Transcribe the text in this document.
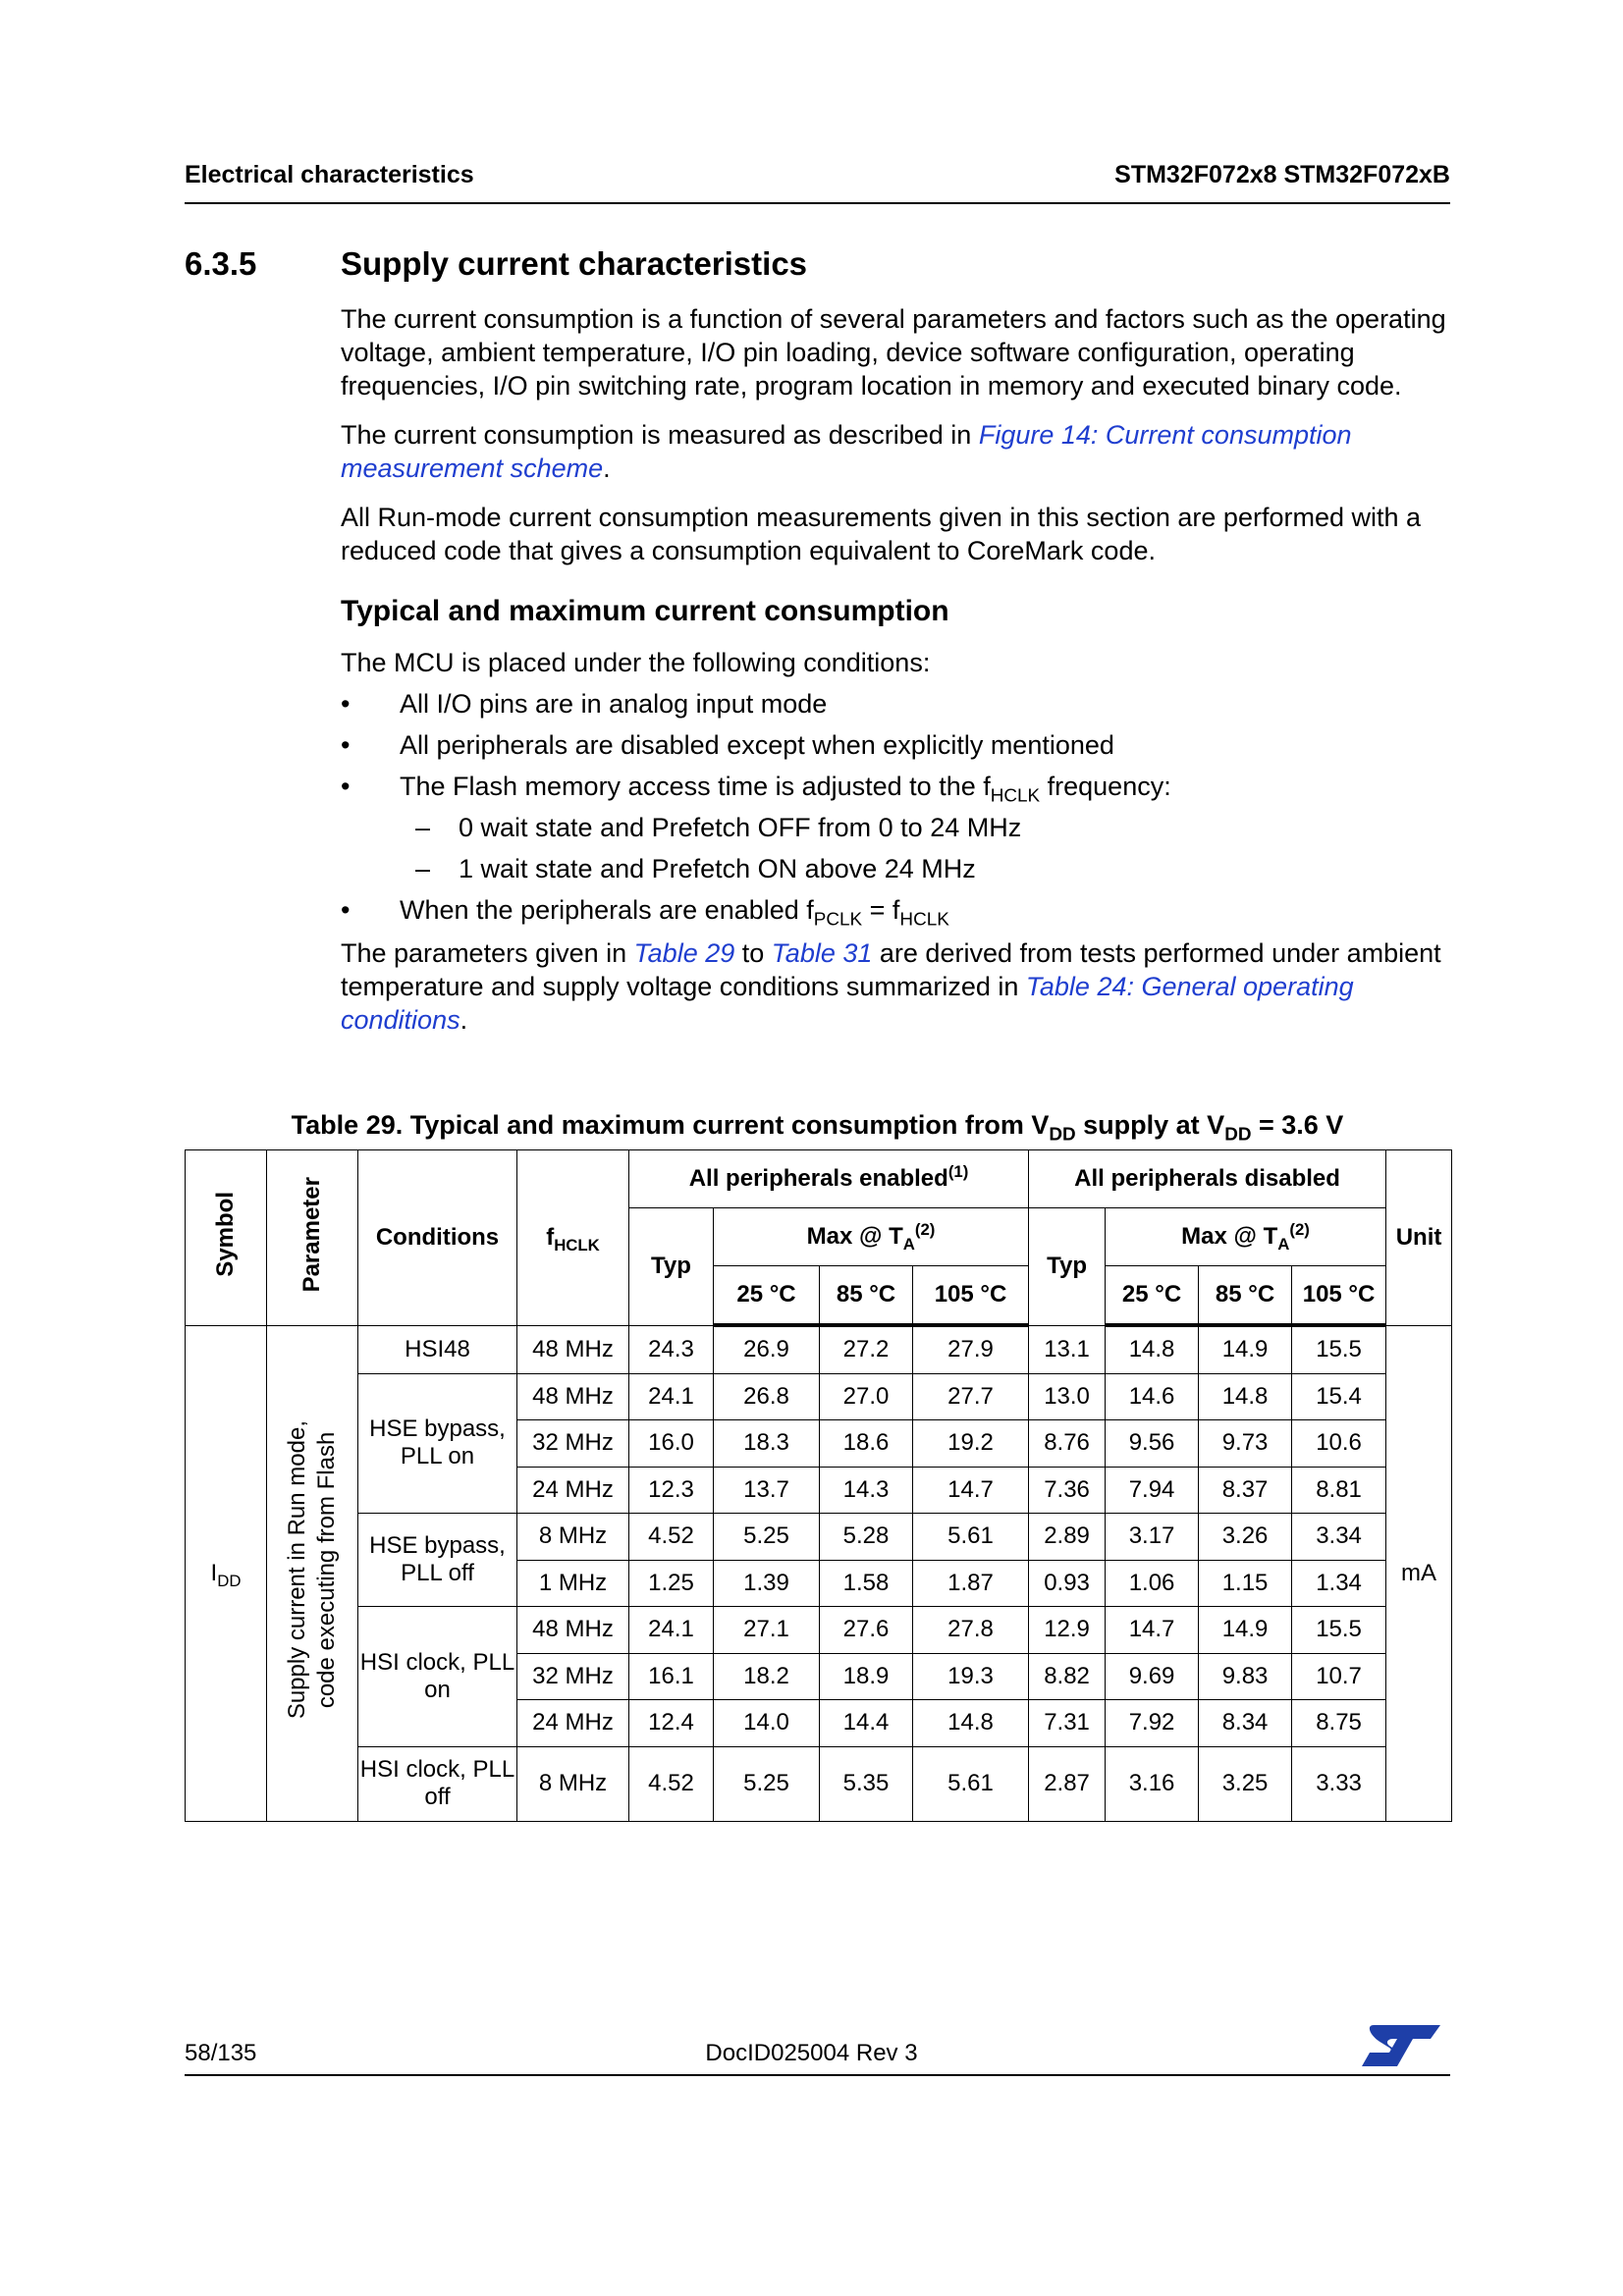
Electrical characteristics	STM32F072x8 STM32F072xB
6.3.5	Supply current characteristics

The current consumption is a function of several parameters and factors such as the operating voltage, ambient temperature, I/O pin loading, device software configuration, operating frequencies, I/O pin switching rate, program location in memory and executed binary code.

The current consumption is measured as described in Figure 14: Current consumption measurement scheme.

All Run-mode current consumption measurements given in this section are performed with a reduced code that gives a consumption equivalent to CoreMark code.

Typical and maximum current consumption

The MCU is placed under the following conditions:

• All I/O pins are in analog input mode
• All peripherals are disabled except when explicitly mentioned
• The Flash memory access time is adjusted to the $f_{HCLK}$ frequency:
– 0 wait state and Prefetch OFF from 0 to 24 MHz
– 1 wait state and Prefetch ON above 24 MHz
• When the peripherals are enabled $f_{PCLK} = f_{HCLK}$

The parameters given in Table 29 to Table 31 are derived from tests performed under ambient temperature and supply voltage conditions summarized in Table 24: General operating conditions.

Table 29. Typical and maximum current consumption from $V_{DD}$ supply at $V_{DD} = 3.6$ V
Symbol	Parameter	Conditions	$f_{HCLK}$	All peripherals enabled$^{(1)}$				All peripherals disabled				Unit
				Typ	Max @ $T_A^{(2)}$			Typ	Max @ $T_A^{(2)}$
					25 °C	85 °C	105 °C		25 °C	85 °C	105 °C	
$I_{DD}$	Supply current in Run mode, code executing from Flash	HSI48	48 MHz	24.3	26.9	27.2	27.9	13.1	14.8	14.9	15.5	mA
		HSE bypass, PLL on	48 MHz	24.1	26.8	27.0	27.7	13.0	14.6	14.8	15.4	
			32 MHz	16.0	18.3	18.6	19.2	8.76	9.56	9.73	10.6	
			24 MHz	12.3	13.7	14.3	14.7	7.36	7.94	8.37	8.81	
		HSE bypass, PLL off	8 MHz	4.52	5.25	5.28	5.61	2.89	3.17	3.26	3.34	
			1 MHz	1.25	1.39	1.58	1.87	0.93	1.06	1.15	1.34	
		HSI clock, PLL on	48 MHz	24.1	27.1	27.6	27.8	12.9	14.7	14.9	15.5	
			32 MHz	16.1	18.2	18.9	19.3	8.82	9.69	9.83	10.7	
			24 MHz	12.4	14.0	14.4	14.8	7.31	7.92	8.34	8.75	
		HSI clock, PLL off	8 MHz	4.52	5.25	5.35	5.61	2.87	3.16	3.25	3.33	
58/135	DocID025004 Rev 3
